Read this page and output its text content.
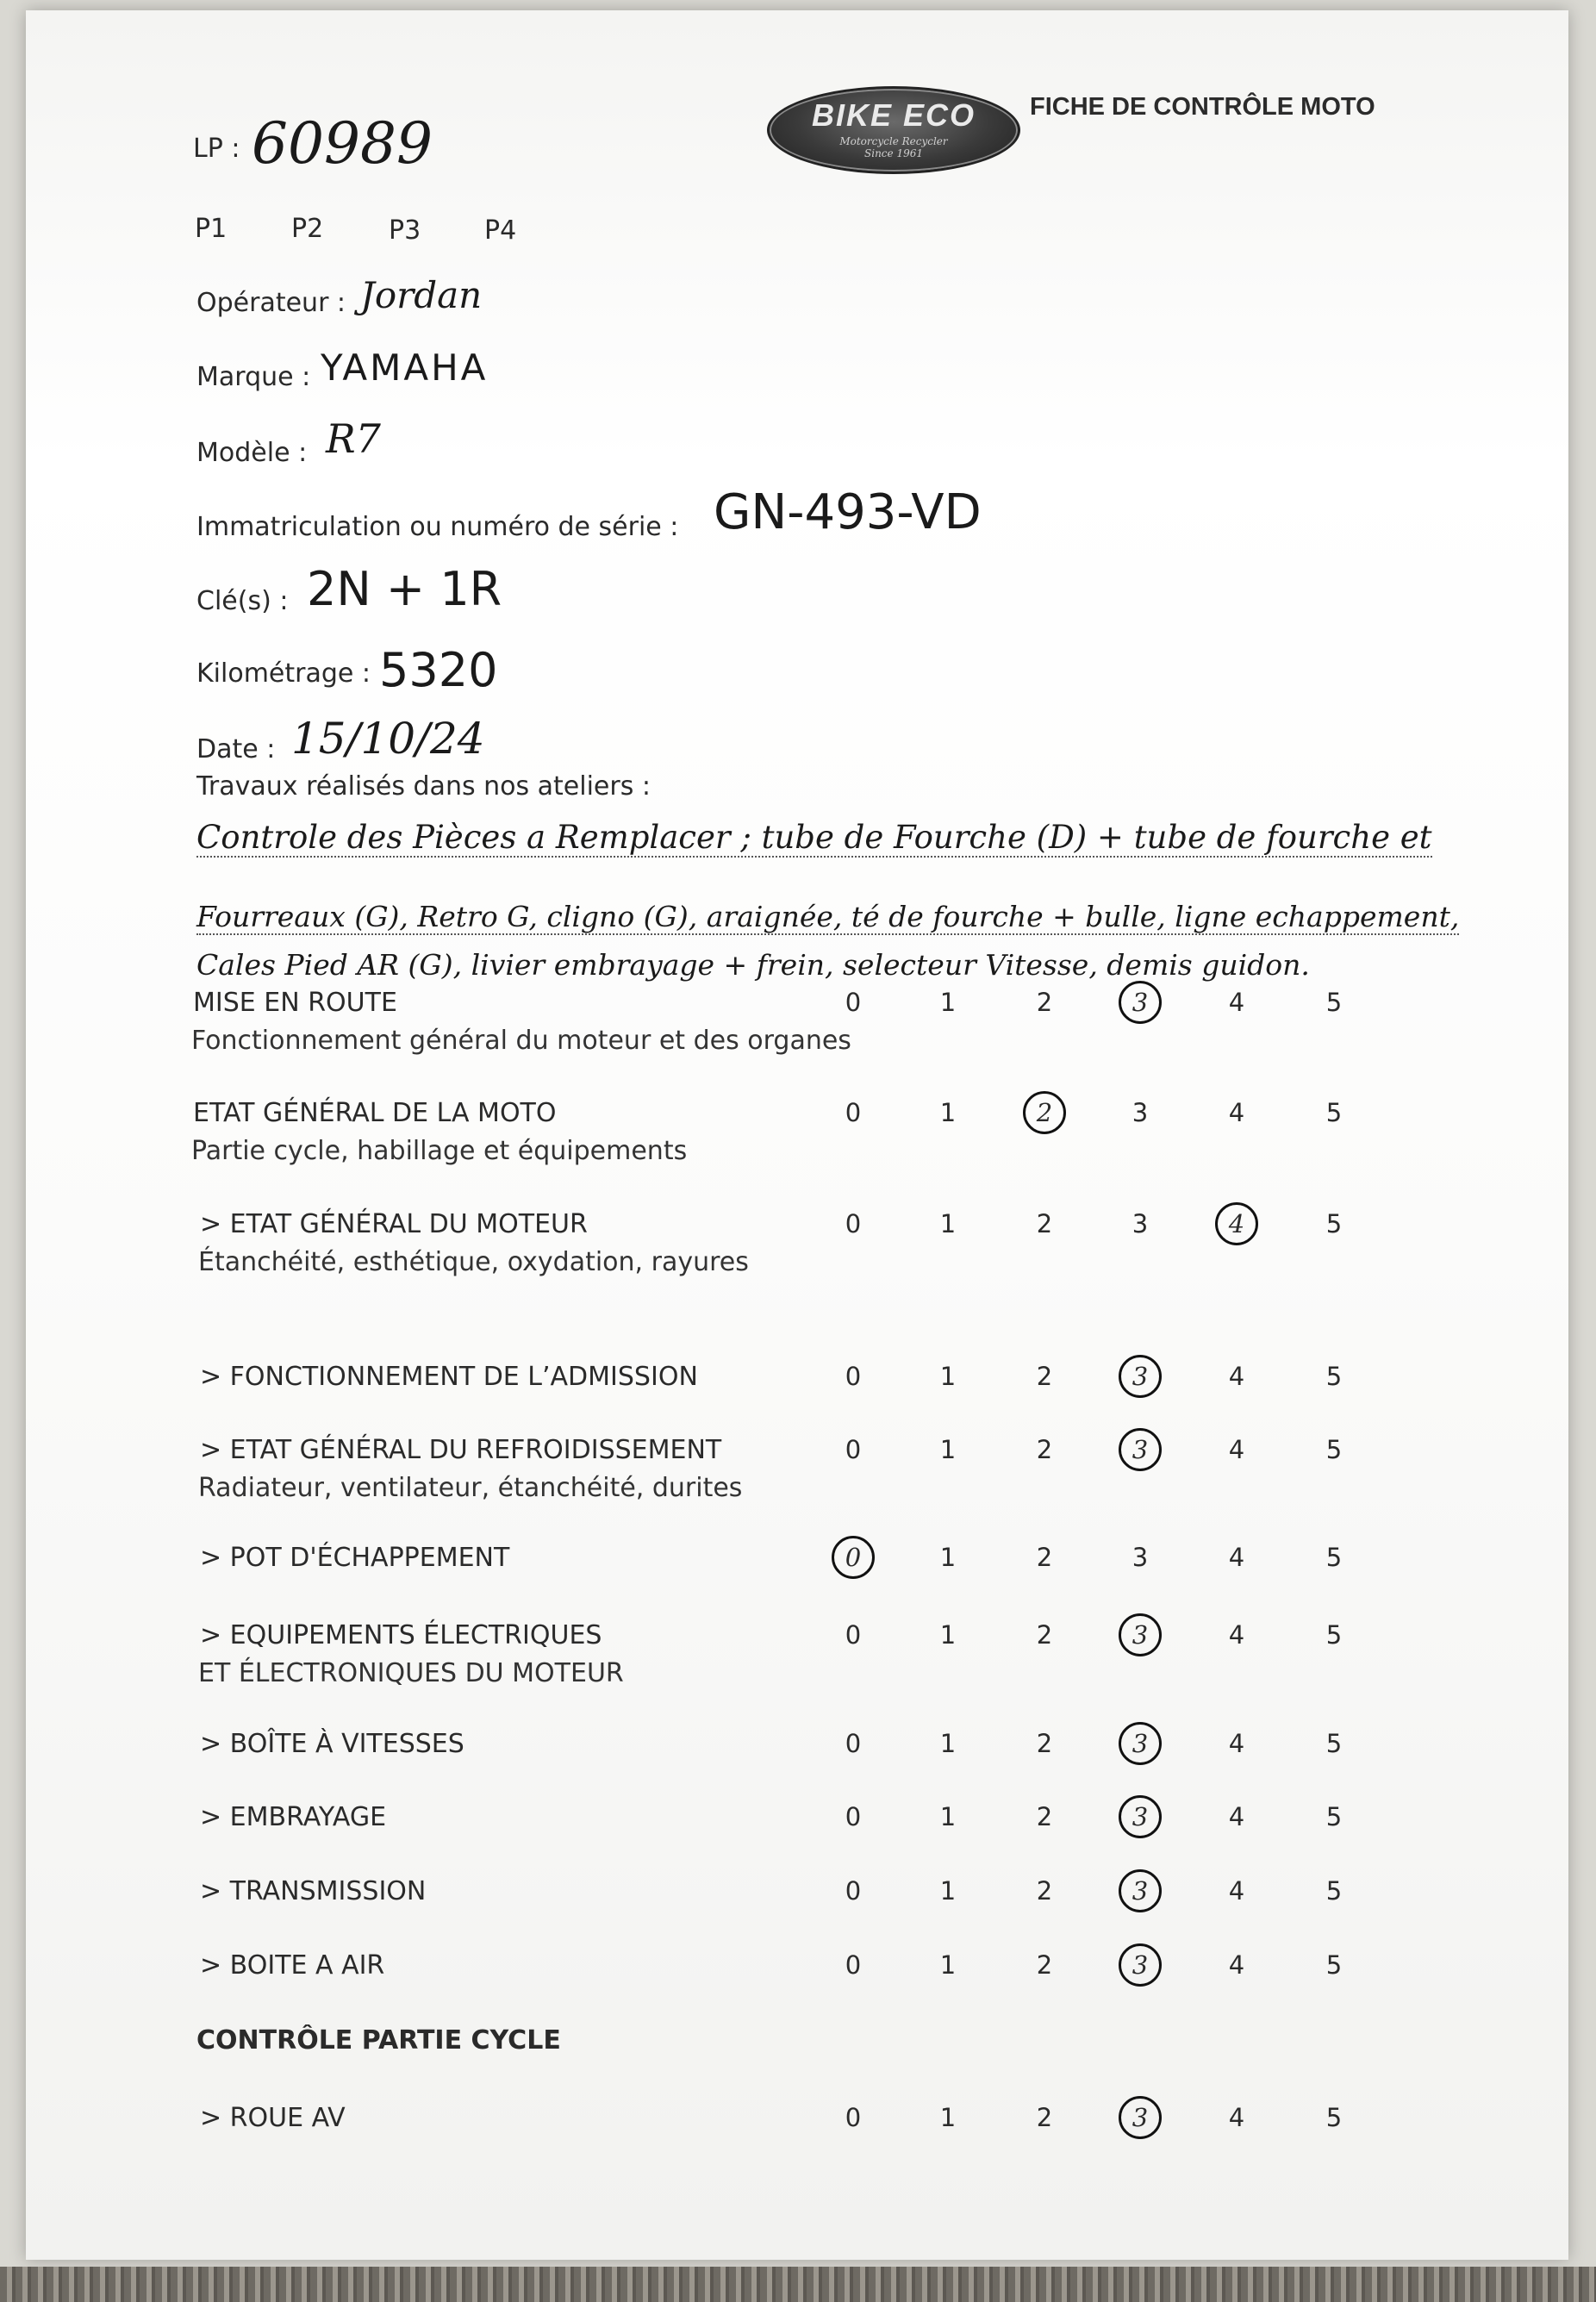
BIKE ECO
Motorcycle Recycler
Since 1961
FICHE DE CONTRÔLE MOTO
LP : 60989
P1 P2	P3 P4
Opérateur : Jordan
Marque : YAMAHA
Modèle : R7
Immatriculation ou numéro de série : GN-493-VD
Clé(s) : 2N + 1R
Kilométrage : 5320
Date : 15/10/24
Travaux réalisés dans nos ateliers :
Controle des Pièces a Remplacer ; tube de Fourche (D) + tube de fourche et
Fourreaux (G), Retro G, cligno (G), araignée, té de fourche + bulle, ligne echappement,
Cales Pied AR (G), livier embrayage + frein, selecteur Vitesse, demis guidon.
MISE EN ROUTE
Fonctionnement général du moteur et des organes
0	1	2	3	4	5
ETAT GÉNÉRAL DE LA MOTO
Partie cycle, habillage et équipements
0	1	2	3	4	5
> ETAT GÉNÉRAL DU MOTEUR
Étanchéité, esthétique, oxydation, rayures
0	1	2	3	4	5
> FONCTIONNEMENT DE L’ADMISSION	0	1	2	3	4	5
> ETAT GÉNÉRAL DU REFROIDISSEMENT
Radiateur, ventilateur, étanchéité, durites
0	1	2	3	4	5
> POT D'ÉCHAPPEMENT	0	1	2	3	4	5
> EQUIPEMENTS ÉLECTRIQUES
ET ÉLECTRONIQUES DU MOTEUR
0	1	2	3	4	5
> BOÎTE À VITESSES	0	1	2	3	4	5
> EMBRAYAGE	0	1	2	3	4	5
> TRANSMISSION	0	1	2	3	4	5
> BOITE A AIR	0	1	2	3	4	5
CONTRÔLE PARTIE CYCLE
> ROUE AV	0	1	2	3	4	5
